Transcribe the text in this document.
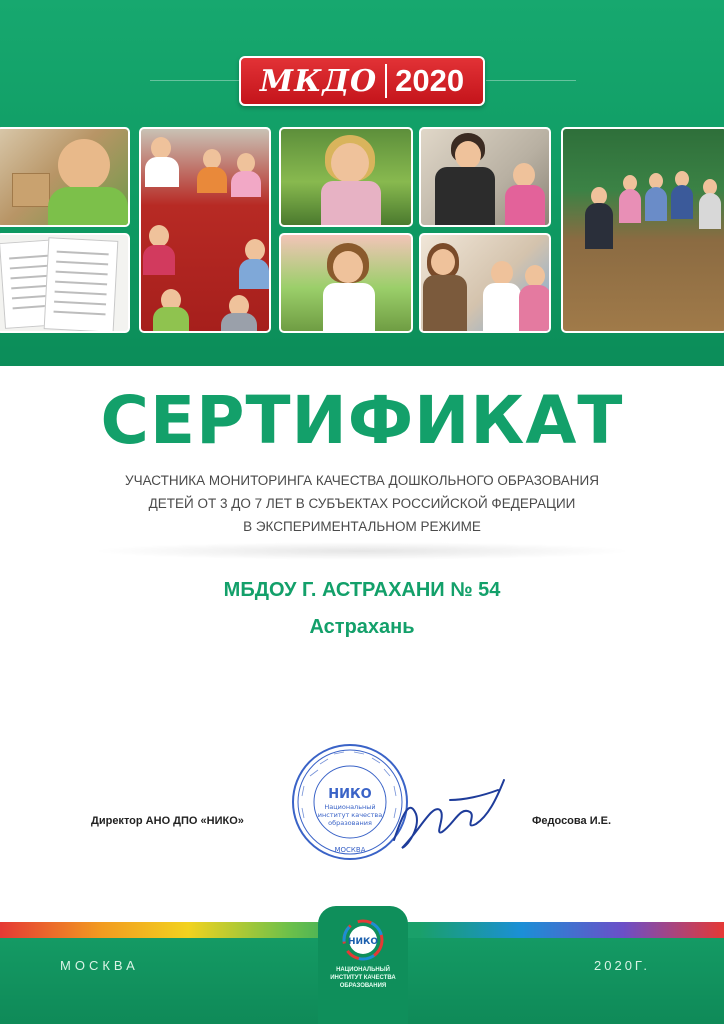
МКДО 2020
СЕРТИФИКАТ
УЧАСТНИКА МОНИТОРИНГА КАЧЕСТВА ДОШКОЛЬНОГО ОБРАЗОВАНИЯ
ДЕТЕЙ ОТ 3 ДО 7 ЛЕТ В СУБЪЕКТАХ РОССИЙСКОЙ ФЕДЕРАЦИИ
В ЭКСПЕРИМЕНТАЛЬНОМ РЕЖИМЕ
МБДОУ Г. АСТРАХАНИ № 54
Астрахань
Директор АНО ДПО «НИКО»
МОСКВА
НИКО
Национальный
институт качества
образования	Федосова И.Е.
НИКО
НАЦИОНАЛЬНЫЙ
ИНСТИТУТ КАЧЕСТВА
ОБРАЗОВАНИЯ
МОСКВА	2020Г.
